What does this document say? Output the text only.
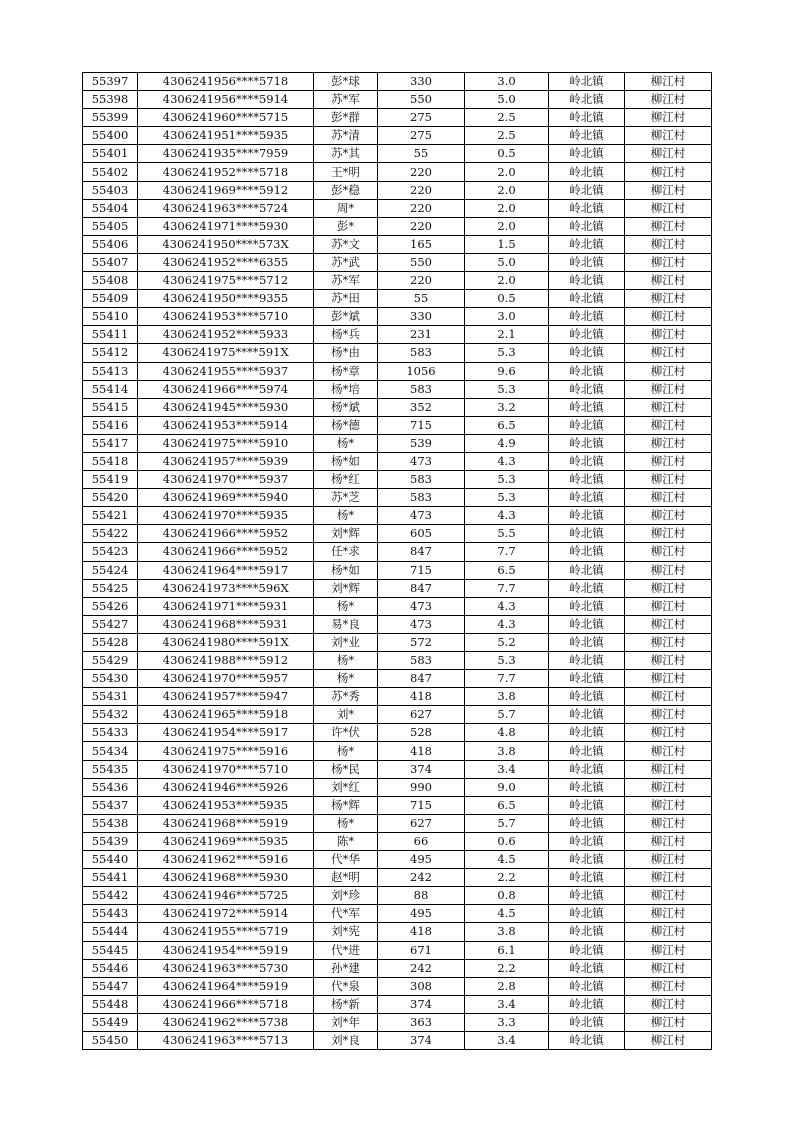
55397	4306241956****5718	彭*球	330	3.0	岭北镇	柳江村
55398	4306241956****5914	苏*军	550	5.0	岭北镇	柳江村
55399	4306241960****5715	彭*群	275	2.5	岭北镇	柳江村
55400	4306241951****5935	苏*清	275	2.5	岭北镇	柳江村
55401	4306241935****7959	苏*其	55	0.5	岭北镇	柳江村
55402	4306241952****5718	王*明	220	2.0	岭北镇	柳江村
55403	4306241969****5912	彭*稳	220	2.0	岭北镇	柳江村
55404	4306241963****5724	周*	220	2.0	岭北镇	柳江村
55405	4306241971****5930	彭*	220	2.0	岭北镇	柳江村
55406	4306241950****573X	苏*文	165	1.5	岭北镇	柳江村
55407	4306241952****6355	苏*武	550	5.0	岭北镇	柳江村
55408	4306241975****5712	苏*军	220	2.0	岭北镇	柳江村
55409	4306241950****9355	苏*田	55	0.5	岭北镇	柳江村
55410	4306241953****5710	彭*斌	330	3.0	岭北镇	柳江村
55411	4306241952****5933	杨*兵	231	2.1	岭北镇	柳江村
55412	4306241975****591X	杨*由	583	5.3	岭北镇	柳江村
55413	4306241955****5937	杨*章	1056	9.6	岭北镇	柳江村
55414	4306241966****5974	杨*培	583	5.3	岭北镇	柳江村
55415	4306241945****5930	杨*斌	352	3.2	岭北镇	柳江村
55416	4306241953****5914	杨*德	715	6.5	岭北镇	柳江村
55417	4306241975****5910	杨*	539	4.9	岭北镇	柳江村
55418	4306241957****5939	杨*如	473	4.3	岭北镇	柳江村
55419	4306241970****5937	杨*红	583	5.3	岭北镇	柳江村
55420	4306241969****5940	苏*芝	583	5.3	岭北镇	柳江村
55421	4306241970****5935	杨*	473	4.3	岭北镇	柳江村
55422	4306241966****5952	刘*辉	605	5.5	岭北镇	柳江村
55423	4306241966****5952	任*求	847	7.7	岭北镇	柳江村
55424	4306241964****5917	杨*如	715	6.5	岭北镇	柳江村
55425	4306241973****596X	刘*辉	847	7.7	岭北镇	柳江村
55426	4306241971****5931	杨*	473	4.3	岭北镇	柳江村
55427	4306241968****5931	易*良	473	4.3	岭北镇	柳江村
55428	4306241980****591X	刘*业	572	5.2	岭北镇	柳江村
55429	4306241988****5912	杨*	583	5.3	岭北镇	柳江村
55430	4306241970****5957	杨*	847	7.7	岭北镇	柳江村
55431	4306241957****5947	苏*秀	418	3.8	岭北镇	柳江村
55432	4306241965****5918	刘*	627	5.7	岭北镇	柳江村
55433	4306241954****5917	许*伏	528	4.8	岭北镇	柳江村
55434	4306241975****5916	杨*	418	3.8	岭北镇	柳江村
55435	4306241970****5710	杨*民	374	3.4	岭北镇	柳江村
55436	4306241946****5926	刘*红	990	9.0	岭北镇	柳江村
55437	4306241953****5935	杨*辉	715	6.5	岭北镇	柳江村
55438	4306241968****5919	杨*	627	5.7	岭北镇	柳江村
55439	4306241969****5935	陈*	66	0.6	岭北镇	柳江村
55440	4306241962****5916	代*华	495	4.5	岭北镇	柳江村
55441	4306241968****5930	赵*明	242	2.2	岭北镇	柳江村
55442	4306241946****5725	刘*珍	88	0.8	岭北镇	柳江村
55443	4306241972****5914	代*军	495	4.5	岭北镇	柳江村
55444	4306241955****5719	刘*宪	418	3.8	岭北镇	柳江村
55445	4306241954****5919	代*进	671	6.1	岭北镇	柳江村
55446	4306241963****5730	孙*建	242	2.2	岭北镇	柳江村
55447	4306241964****5919	代*泉	308	2.8	岭北镇	柳江村
55448	4306241966****5718	杨*新	374	3.4	岭北镇	柳江村
55449	4306241962****5738	刘*年	363	3.3	岭北镇	柳江村
55450	4306241963****5713	刘*良	374	3.4	岭北镇	柳江村
